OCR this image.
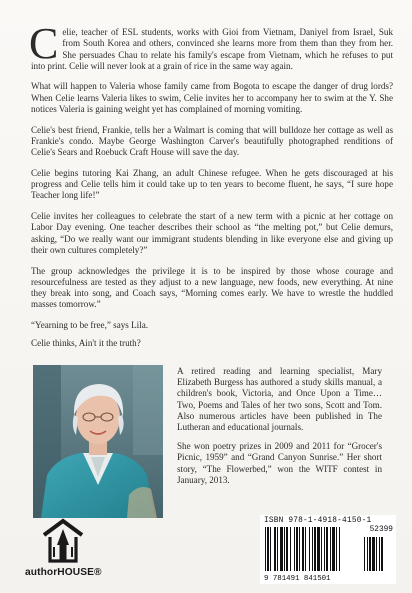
Celie, teacher of ESL students, works with Gioi from Vietnam, Daniyel from Israel, Suk from South Korea and others, convinced she learns more from them than they from her. She persuades Chau to relate his family's escape from Vietnam, which he refuses to put into print. Celie will never look at a grain of rice in the same way again.

What will happen to Valeria whose family came from Bogota to escape the danger of drug lords? When Celie learns Valeria likes to swim, Celie invites her to accompany her to swim at the Y. She notices Valeria is gaining weight yet has complained of morning vomiting.

Celie's best friend, Frankie, tells her a Walmart is coming that will bulldoze her cottage as well as Frankie's condo. Maybe George Washington Carver's beautifully photographed renditions of Celie's Sears and Roebuck Craft House will save the day.

Celie begins tutoring Kai Zhang, an adult Chinese refugee. When he gets discouraged at his progress and Celie tells him it could take up to ten years to become fluent, he says, “I sure hope Teacher long life!”

Celie invites her colleagues to celebrate the start of a new term with a picnic at her cottage on Labor Day evening. One teacher describes their school as “the melting pot,” but Celie demurs, asking, “Do we really want our immigrant students blending in like everyone else and giving up their own cultures completely?”

The group acknowledges the privilege it is to be inspired by those whose courage and resourcefulness are tested as they adjust to a new language, new foods, new everything. At nine they break into song, and Coach says, “Morning comes early. We have to wrestle the huddled masses tomorrow.”

“Yearning to be free,” says Lila.

Celie thinks, Ain't it the truth?

A retired reading and learning specialist, Mary Elizabeth Burgess has authored a study skills manual, a children's book, Victoria, and Once Upon a Time…Two, Poems and Tales of her two sons, Scott and Tom. Also numerous articles have been published in The Lutheran and educational journals.

She won poetry prizes in 2009 and 2011 for “Grocer's Picnic, 1959” and “Grand Canyon Sunrise.” Her short story, “The Flowerbed,” won the WITF contest in January, 2013.

authorHOUSE®
ISBN 978-1-4918-4150-1
52399
9 781491 841501
